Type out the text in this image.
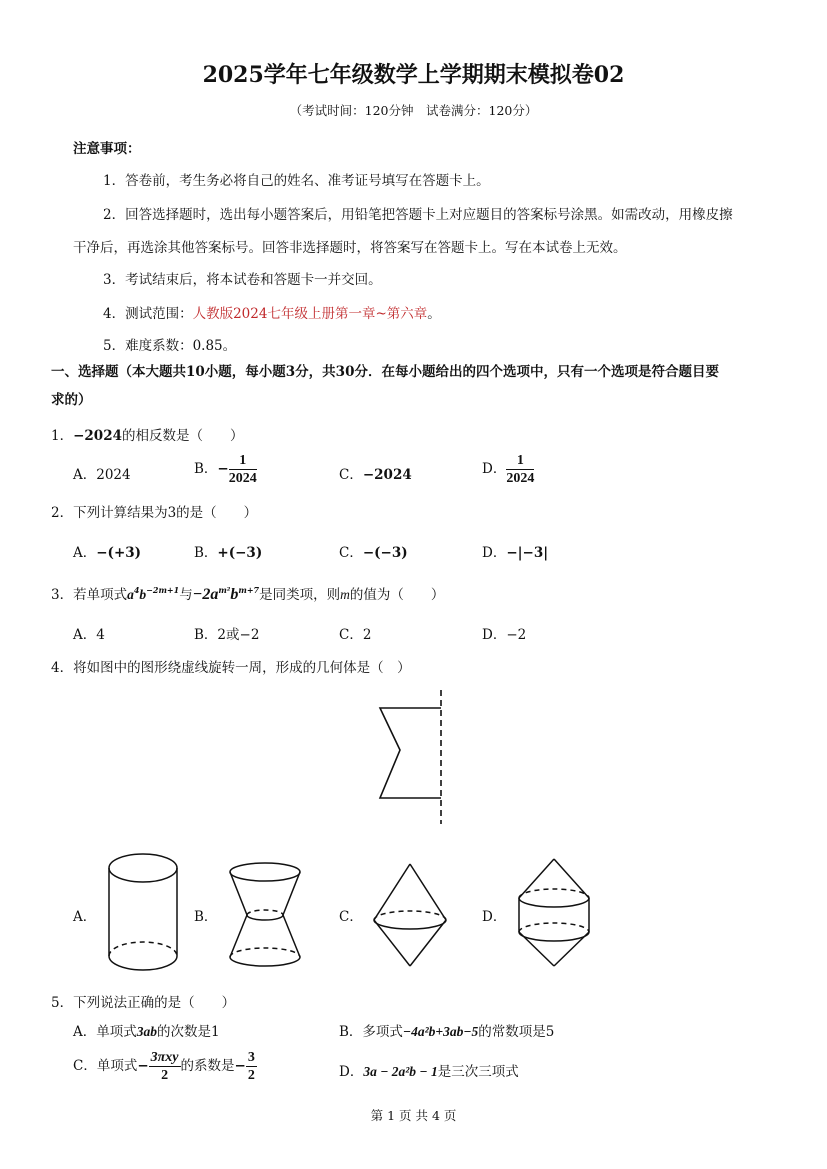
2025学年七年级数学上学期期末模拟卷02
（考试时间：120分钟　试卷满分：120分）
注意事项：
1．答卷前，考生务必将自己的姓名、准考证号填写在答题卡上。
2．回答选择题时，选出每小题答案后，用铅笔把答题卡上对应题目的答案标号涂黑。如需改动，用橡皮擦
干净后，再选涂其他答案标号。回答非选择题时，将答案写在答题卡上。写在本试卷上无效。
3．考试结束后，将本试卷和答题卡一并交回。
4．测试范围：人教版2024七年级上册第一章~第六章。
5．难度系数：0.85。
一、选择题（本大题共10小题，每小题3分，共30分．在每小题给出的四个选项中，只有一个选项是符合题目要
求的）
1．−2024的相反数是（　　）
A．2024	B．− $\frac{1}{2024}$	C．−2024	D． $\frac{1}{2024}$
2．下列计算结果为3的是（　　）
A．−(+3)	B．+(−3)	C．−(−3)	D．−|−3|
3．若单项式$a^4b^{-2m+1}$与$-2a^{m^2}b^{m+7}$是同类项，则m的值为（　　）
A．4	B．2或−2	C．2	D．−2
4．将如图中的图形绕虚线旋转一周，形成的几何体是（　）
A．	B．	C．	D．
5．下列说法正确的是（　　）
A．单项式3ab的次数是1	B．多项式−4a²b+3ab−5的常数项是5
C．单项式− $\frac{\text{3πxy}}{2}$ 的系数是− $\frac{3}{2}$	D．3a − 2a²b − 1是三次三项式
第 1 页 共 4 页
